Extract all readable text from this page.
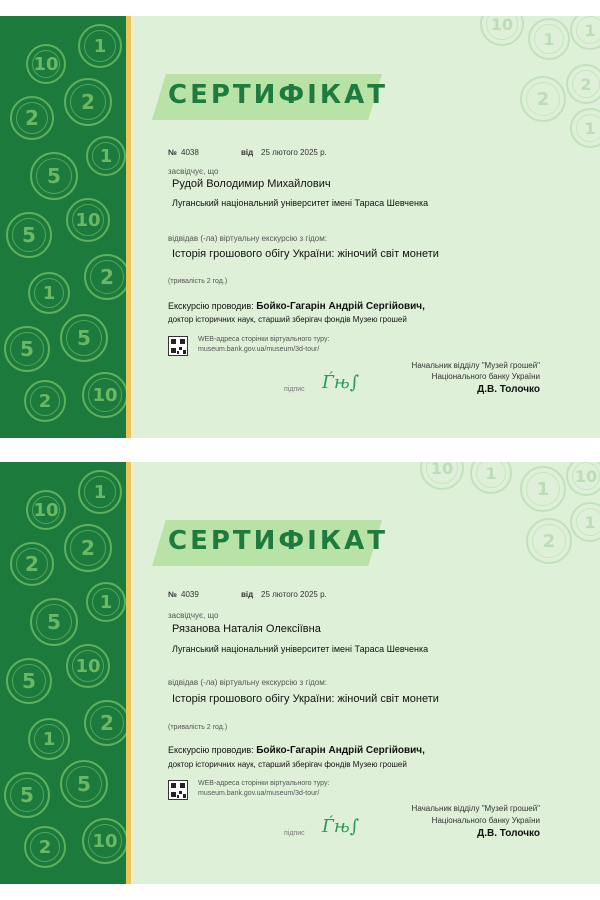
10
1
2
2
5
1
5
10
1
2
5	5
2	10
10
1	1
2
2
1
СЕРТИФІКАТ
№ 4038	від 25 лютого 2025 р.
засвідчує, що
Рудой Володимир Михайлович
Луганський національний університет імені Тараса Шевченка
відвідав (-ла) віртуальну екскурсію з гідом:
Історія грошового обігу України: жіночий світ монети
(тривалість 2 год.)
Екскурсію проводив: Бойко-Гагарін Андрій Сергійович,
доктор історичних наук, старший зберігач фондів Музею грошей
WEB-адреса сторінки віртуального туру:
museum.bank.gov.ua/museum/3d-tour/
Начальник відділу "Музей грошей"
Національного банку України
Д.В. Толочко
підпис Ѓњ∫
10
1
2
2
5
1
5
10
1
2
5	5
2	10
10	1
1
10
2
1
СЕРТИФІКАТ
№ 4039	від 25 лютого 2025 р.
засвідчує, що
Рязанова Наталія Олексіївна
Луганський національний університет імені Тараса Шевченка
відвідав (-ла) віртуальну екскурсію з гідом:
Історія грошового обігу України: жіночий світ монети
(тривалість 2 год.)
Екскурсію проводив: Бойко-Гагарін Андрій Сергійович,
доктор історичних наук, старший зберігач фондів Музею грошей
WEB-адреса сторінки віртуального туру:
museum.bank.gov.ua/museum/3d-tour/
Начальник відділу "Музей грошей"
Національного банку України
Д.В. Толочко
підпис Ѓњ∫
